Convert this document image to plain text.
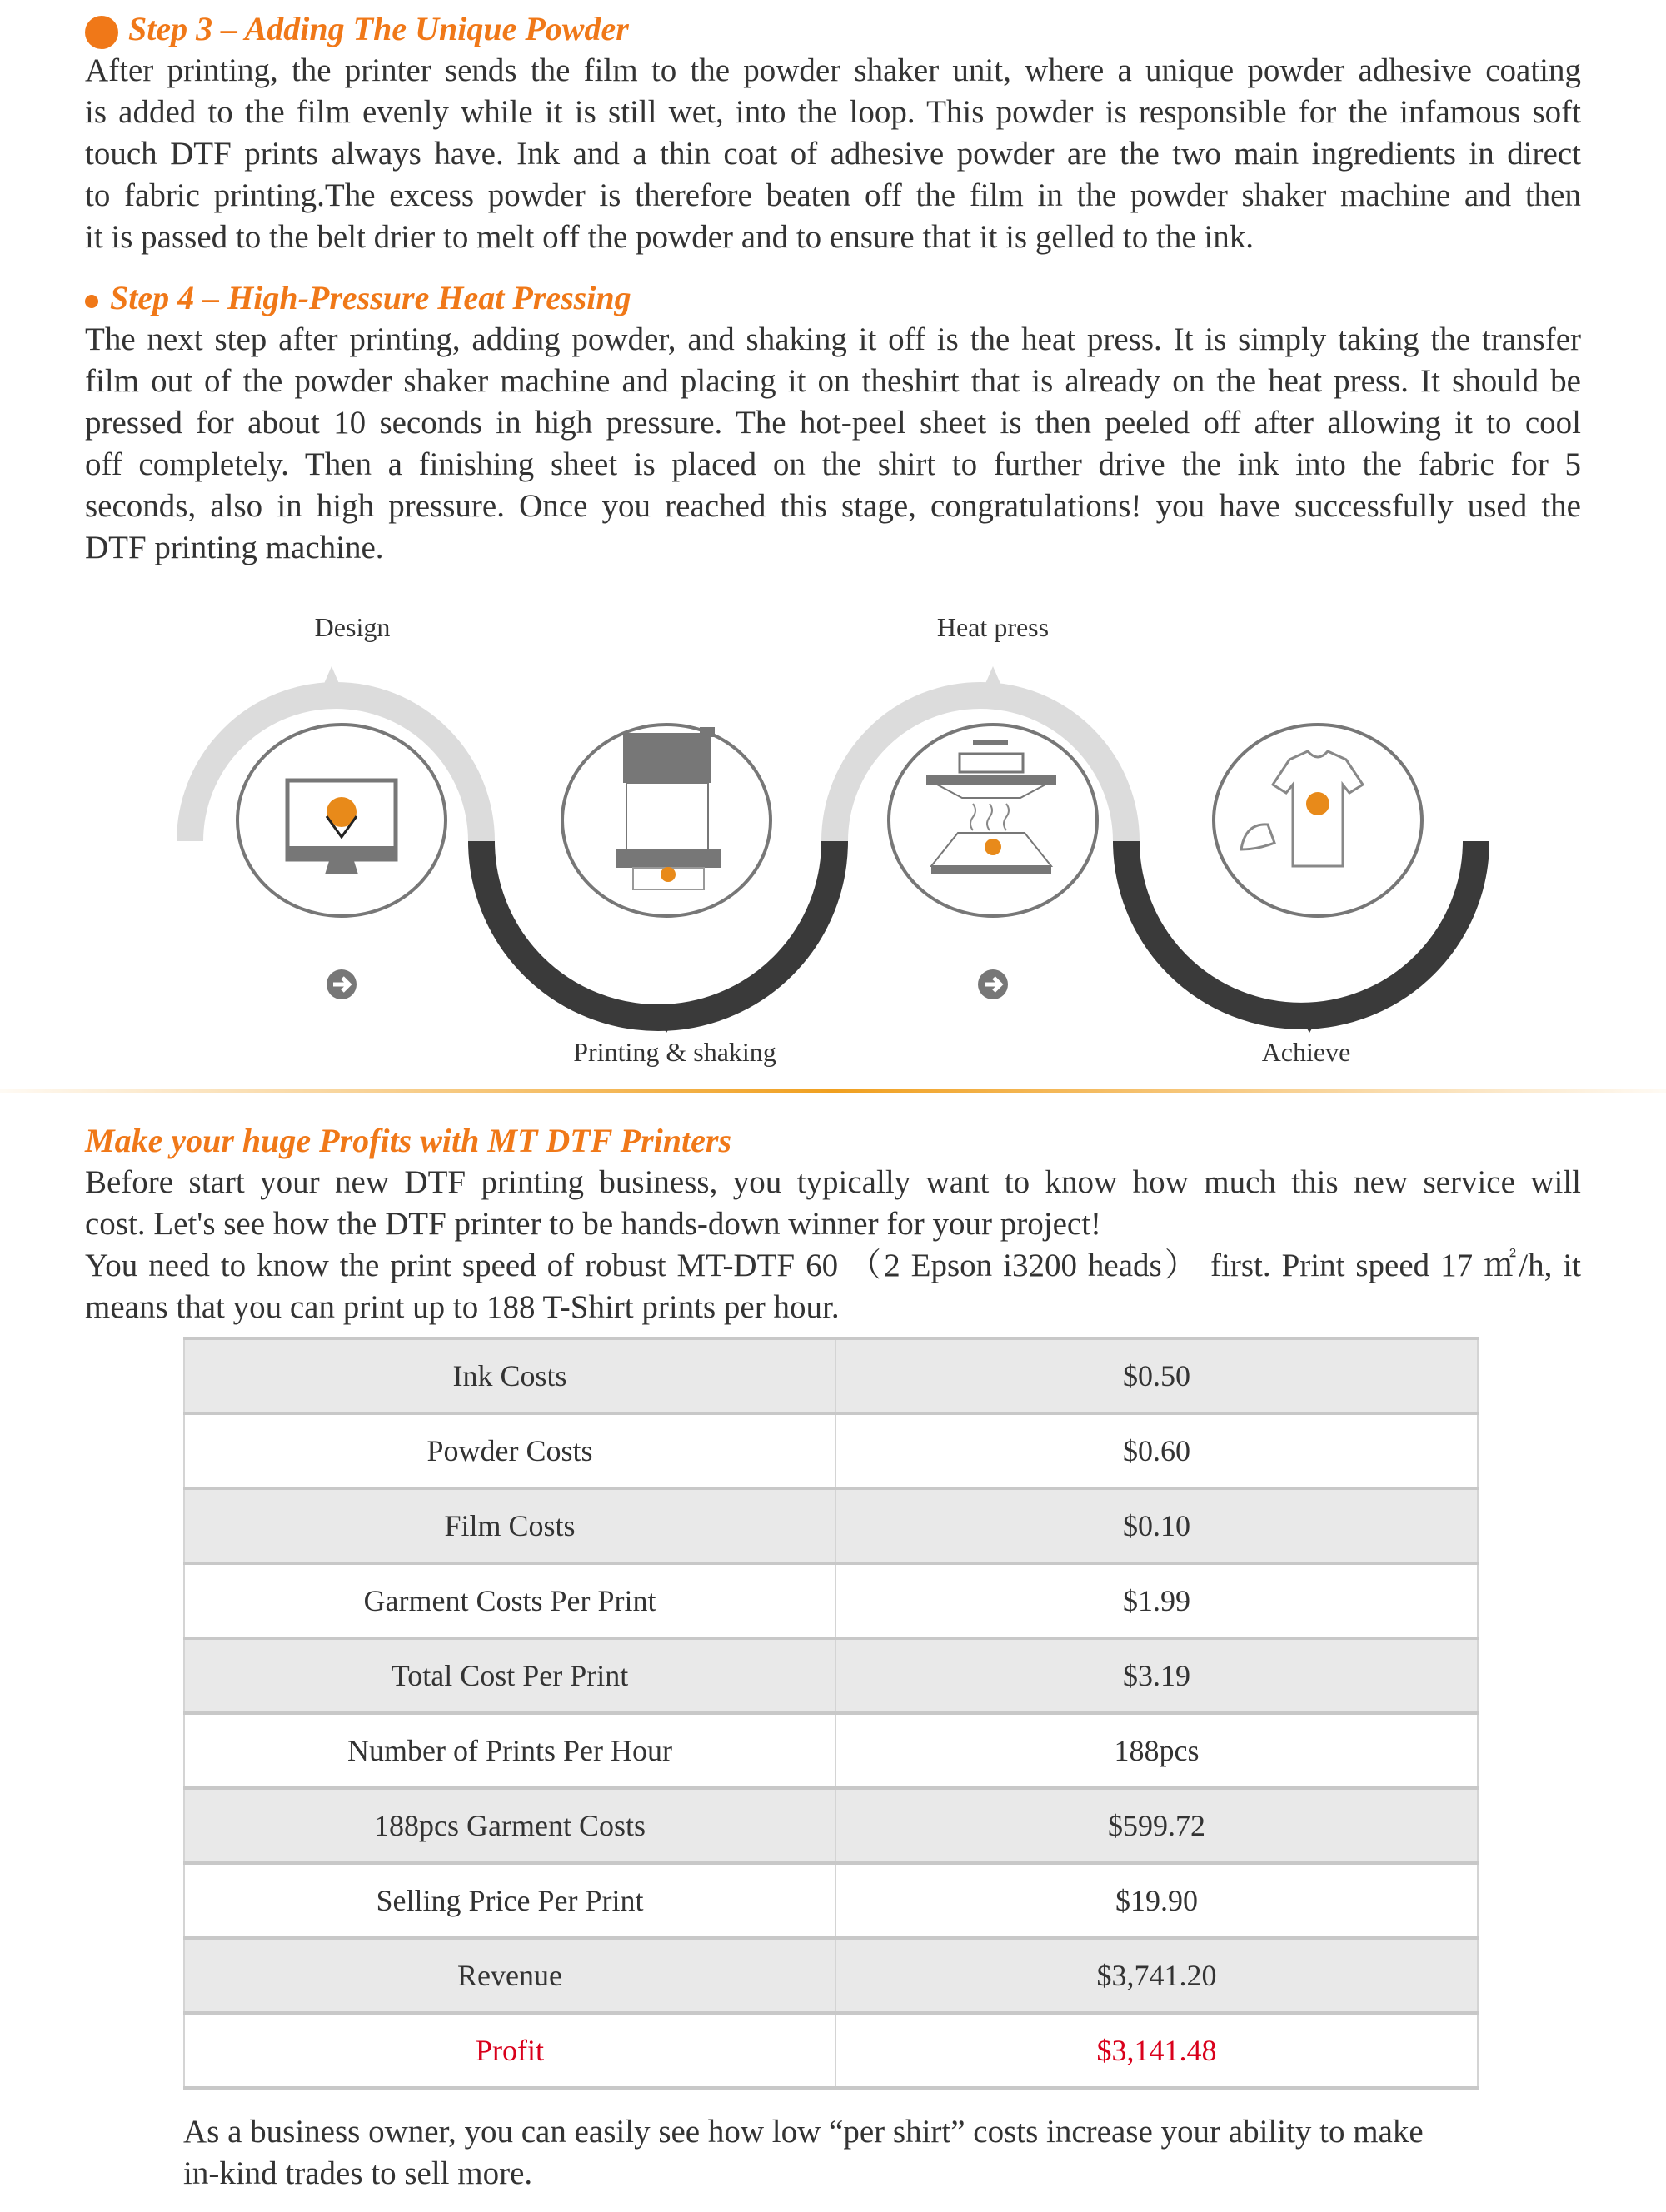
Step 3 – Adding The Unique Powder
After printing, the printer sends the film to the powder shaker unit, where a unique powder adhesive coating
is added to the film evenly while it is still wet, into the loop. This powder is responsible for the infamous soft
touch DTF prints always have. Ink and a thin coat of adhesive powder are the two main ingredients in direct
to fabric printing.The excess powder is therefore beaten off the film in the powder shaker machine and then
it is passed to the belt drier to melt off the powder and to ensure that it is gelled to the ink.
Step 4 – High-Pressure Heat Pressing
The next step after printing, adding powder, and shaking it off is the heat press. It is simply taking the transfer
film out of the powder shaker machine and placing it on theshirt that is already on the heat press. It should be
pressed for about 10 seconds in high pressure. The hot-peel sheet is then peeled off after allowing it to cool
off completely. Then a finishing sheet is placed on the shirt to further drive the ink into the fabric for 5
seconds, also in high pressure. Once you reached this stage, congratulations! you have successfully used the
DTF printing machine.
Design
Printing & shaking
Heat press
Achieve
Make your huge Profits with MT DTF Printers
Before start your new DTF printing business, you typically want to know how much this new service will
cost. Let's see how the DTF printer to be hands-down winner for your project!
You need to know the print speed of robust MT-DTF 60 （2 Epson i3200 heads） first. Print speed 17 ㎡/h, it
means that you can print up to 188 T-Shirt prints per hour.
Ink Costs	$0.50
Powder Costs	$0.60
Film Costs	$0.10
Garment Costs Per Print	$1.99
Total Cost Per Print	$3.19
Number of Prints Per Hour	188pcs
188pcs Garment Costs	$599.72
Selling Price Per Print	$19.90
Revenue	$3,741.20
Profit	$3,141.48
As a business owner, you can easily see how low “per shirt” costs increase your ability to make
in-kind trades to sell more.
